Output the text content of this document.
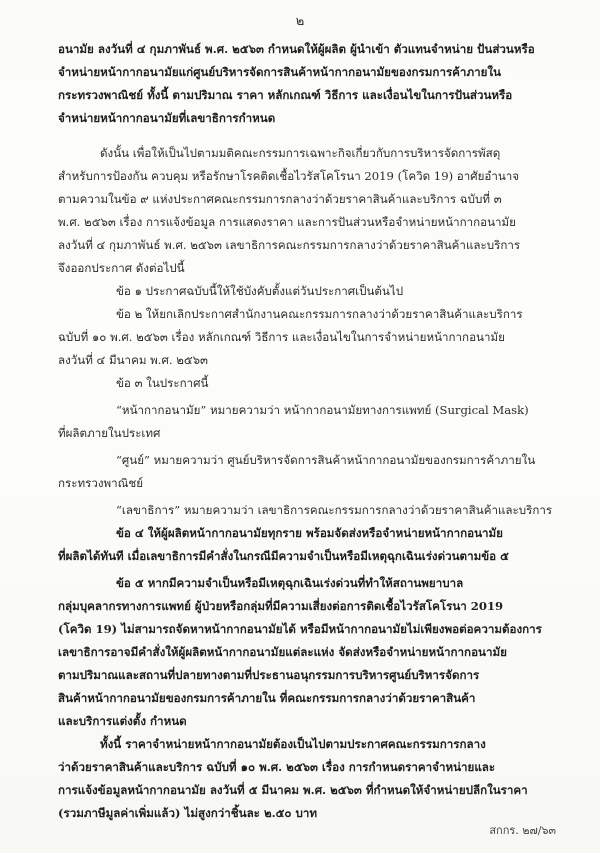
๒
อนามัย ลงวันที่ ๔ กุมภาพันธ์ พ.ศ. ๒๕๖๓ กำหนดให้ผู้ผลิต ผู้นำเข้า ตัวแทนจำหน่าย ปันส่วนหรือ
จำหน่ายหน้ากากอนามัยแก่ศูนย์บริหารจัดการสินค้าหน้ากากอนามัยของกรมการค้าภายใน
กระทรวงพาณิชย์ ทั้งนี้ ตามปริมาณ ราคา หลักเกณฑ์ วิธีการ และเงื่อนไขในการปันส่วนหรือ
จำหน่ายหน้ากากอนามัยที่เลขาธิการกำหนด
ดังนั้น เพื่อให้เป็นไปตามมติคณะกรรมการเฉพาะกิจเกี่ยวกับการบริหารจัดการพัสดุ
สำหรับการป้องกัน ควบคุม หรือรักษาโรคติดเชื้อไวรัสโคโรนา 2019 (โควิด 19) อาศัยอำนาจ
ตามความในข้อ ๙ แห่งประกาศคณะกรรมการกลางว่าด้วยราคาสินค้าและบริการ ฉบับที่ ๓
พ.ศ. ๒๕๖๓ เรื่อง การแจ้งข้อมูล การแสดงราคา และการปันส่วนหรือจำหน่ายหน้ากากอนามัย
ลงวันที่ ๔ กุมภาพันธ์ พ.ศ. ๒๕๖๓ เลขาธิการคณะกรรมการกลางว่าด้วยราคาสินค้าและบริการ
จึงออกประกาศ ดังต่อไปนี้
ข้อ ๑ ประกาศฉบับนี้ให้ใช้บังคับตั้งแต่วันประกาศเป็นต้นไป
ข้อ ๒ ให้ยกเลิกประกาศสำนักงานคณะกรรมการกลางว่าด้วยราคาสินค้าและบริการ
ฉบับที่ ๑๐ พ.ศ. ๒๕๖๓ เรื่อง หลักเกณฑ์ วิธีการ และเงื่อนไขในการจำหน่ายหน้ากากอนามัย
ลงวันที่ ๔ มีนาคม พ.ศ. ๒๕๖๓
ข้อ ๓ ในประกาศนี้
“หน้ากากอนามัย” หมายความว่า หน้ากากอนามัยทางการแพทย์ (Surgical Mask)
ที่ผลิตภายในประเทศ
“ศูนย์” หมายความว่า ศูนย์บริหารจัดการสินค้าหน้ากากอนามัยของกรมการค้าภายใน
กระทรวงพาณิชย์
“เลขาธิการ” หมายความว่า เลขาธิการคณะกรรมการกลางว่าด้วยราคาสินค้าและบริการ
ข้อ ๔ ให้ผู้ผลิตหน้ากากอนามัยทุกราย พร้อมจัดส่งหรือจำหน่ายหน้ากากอนามัย
ที่ผลิตได้ทันที เมื่อเลขาธิการมีคำสั่งในกรณีมีความจำเป็นหรือมีเหตุฉุกเฉินเร่งด่วนตามข้อ ๕
ข้อ ๕ หากมีความจำเป็นหรือมีเหตุฉุกเฉินเร่งด่วนที่ทำให้สถานพยาบาล
กลุ่มบุคลากรทางการแพทย์ ผู้ป่วยหรือกลุ่มที่มีความเสี่ยงต่อการติดเชื้อไวรัสโคโรนา 2019
(โควิด 19) ไม่สามารถจัดหาหน้ากากอนามัยได้ หรือมีหน้ากากอนามัยไม่เพียงพอต่อความต้องการ
เลขาธิการอาจมีคำสั่งให้ผู้ผลิตหน้ากากอนามัยแต่ละแห่ง จัดส่งหรือจำหน่ายหน้ากากอนามัย
ตามปริมาณและสถานที่ปลายทางตามที่ประธานอนุกรรมการบริหารศูนย์บริหารจัดการ
สินค้าหน้ากากอนามัยของกรมการค้าภายใน ที่คณะกรรมการกลางว่าด้วยราคาสินค้า
และบริการแต่งตั้ง กำหนด
ทั้งนี้ ราคาจำหน่ายหน้ากากอนามัยต้องเป็นไปตามประกาศคณะกรรมการกลาง
ว่าด้วยราคาสินค้าและบริการ ฉบับที่ ๑๐ พ.ศ. ๒๕๖๓ เรื่อง การกำหนดราคาจำหน่ายและ
การแจ้งข้อมูลหน้ากากอนามัย ลงวันที่ ๕ มีนาคม พ.ศ. ๒๕๖๓ ที่กำหนดให้จำหน่ายปลีกในราคา
(รวมภาษีมูลค่าเพิ่มแล้ว) ไม่สูงกว่าชิ้นละ ๒.๕๐ บาท
สกกร. ๒๗/๖๓
